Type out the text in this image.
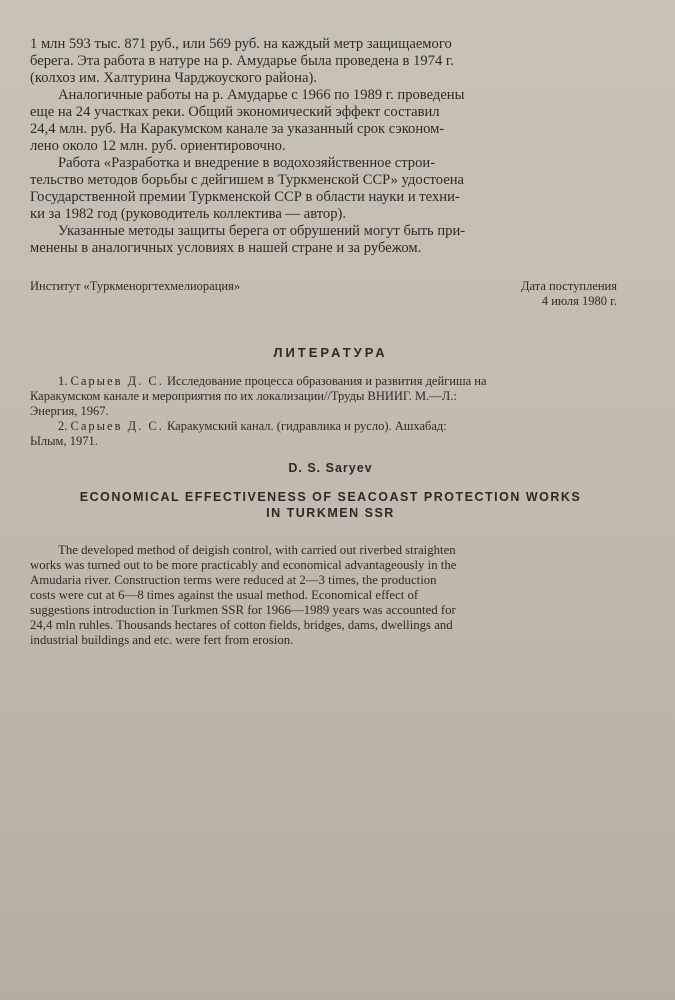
1 млн 593 тыс. 871 руб., или 569 руб. на каждый метр защищаемого
берега. Эта работа в натуре на р. Амударье была проведена в 1974 г.
(колхоз им. Халтурина Чарджоуского района).

Аналогичные работы на р. Амударье с 1966 по 1989 г. проведены
еще на 24 участках реки. Общий экономический эффект составил
24,4 млн. руб. На Каракумском канале за указанный срок сэконом-
лено около 12 млн. руб. ориентировочно.

Работа «Разработка и внедрение в водохозяйственное строи-
тельство методов борьбы с дейгишем в Туркменской ССР» удостоена
Государственной премии Туркменской ССР в области науки и техни-
ки за 1982 год (руководитель коллектива — автор).

Указанные методы защиты берега от обрушений могут быть при-
менены в аналогичных условиях в нашей стране и за рубежом.

Институт «Туркменоргтехмелиорация»	Дата поступления
4 июля 1980 г.
ЛИТЕРАТУРА

1. Сарыев Д. С. Исследование процесса образования и развития дейгиша на
Каракумском канале и мероприятия по их локализации//Труды ВНИИГ. М.—Л.:
Энергия, 1967.

2. Сарыев Д. С. Каракумский канал. (гидравлика и русло). Ашхабад:
Ылым, 1971.

D. S. Saryev
ECONOMICAL EFFECTIVENESS OF SEACOAST PROTECTION WORKS
IN TURKMEN SSR

The developed method of deigish control, with carried out riverbed straighten
works was turned out to be more practicably and economical advantageously in the
Amudaria river. Construction terms were reduced at 2—3 times, the production
costs were cut at 6—8 times against the usual method. Economical effect of
suggestions introduction in Turkmen SSR for 1966—1989 years was accounted for
24,4 mln ruhles. Thousands hectares of cotton fields, bridges, dams, dwellings and
industrial buildings and etc. were fert from erosion.
